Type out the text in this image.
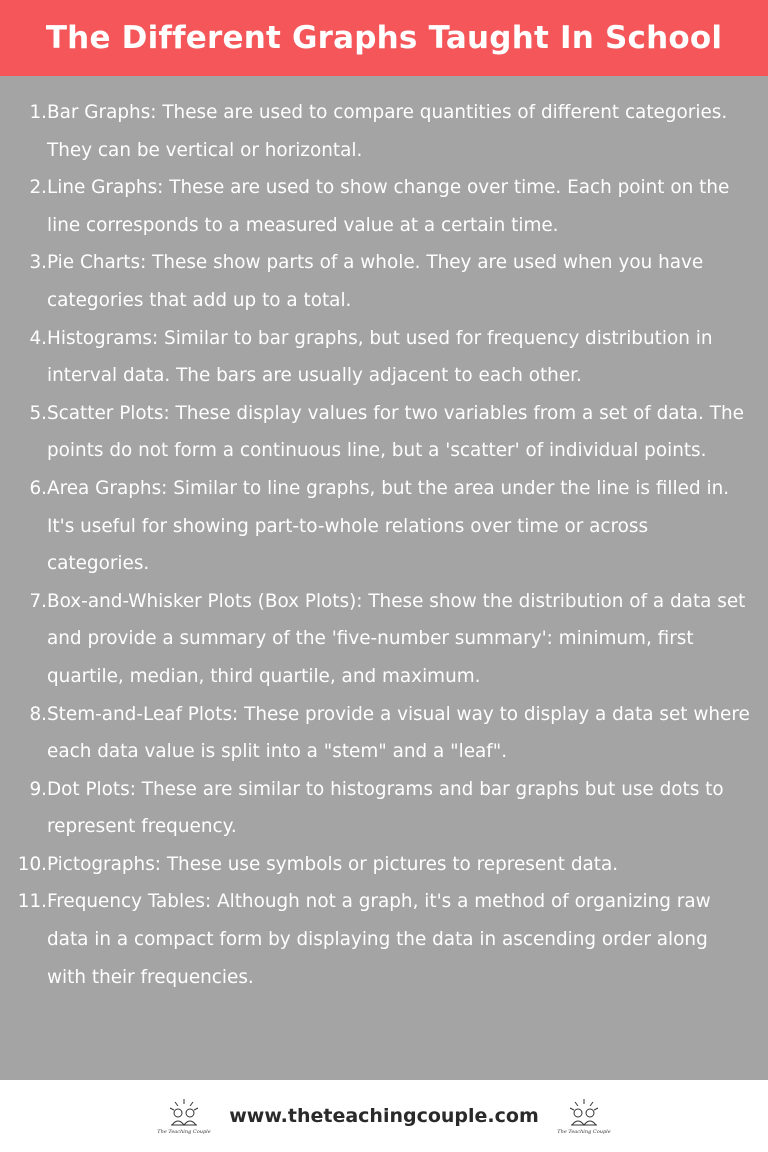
The Different Graphs Taught In School
1. Bar Graphs: These are used to compare quantities of different categories. They can be vertical or horizontal.
2. Line Graphs: These are used to show change over time. Each point on the line corresponds to a measured value at a certain time.
3. Pie Charts: These show parts of a whole. They are used when you have categories that add up to a total.
4. Histograms: Similar to bar graphs, but used for frequency distribution in interval data. The bars are usually adjacent to each other.
5. Scatter Plots: These display values for two variables from a set of data. The points do not form a continuous line, but a 'scatter' of individual points.
6. Area Graphs: Similar to line graphs, but the area under the line is filled in. It's useful for showing part-to-whole relations over time or across categories.
7. Box-and-Whisker Plots (Box Plots): These show the distribution of a data set and provide a summary of the 'five-number summary': minimum, first quartile, median, third quartile, and maximum.
8. Stem-and-Leaf Plots: These provide a visual way to display a data set where each data value is split into a "stem" and a "leaf".
9. Dot Plots: These are similar to histograms and bar graphs but use dots to represent frequency.
10. Pictographs: These use symbols or pictures to represent data.
11. Frequency Tables: Although not a graph, it's a method of organizing raw data in a compact form by displaying the data in ascending order along with their frequencies.
The Teaching Couple
www.theteachingcouple.com
The Teaching Couple
